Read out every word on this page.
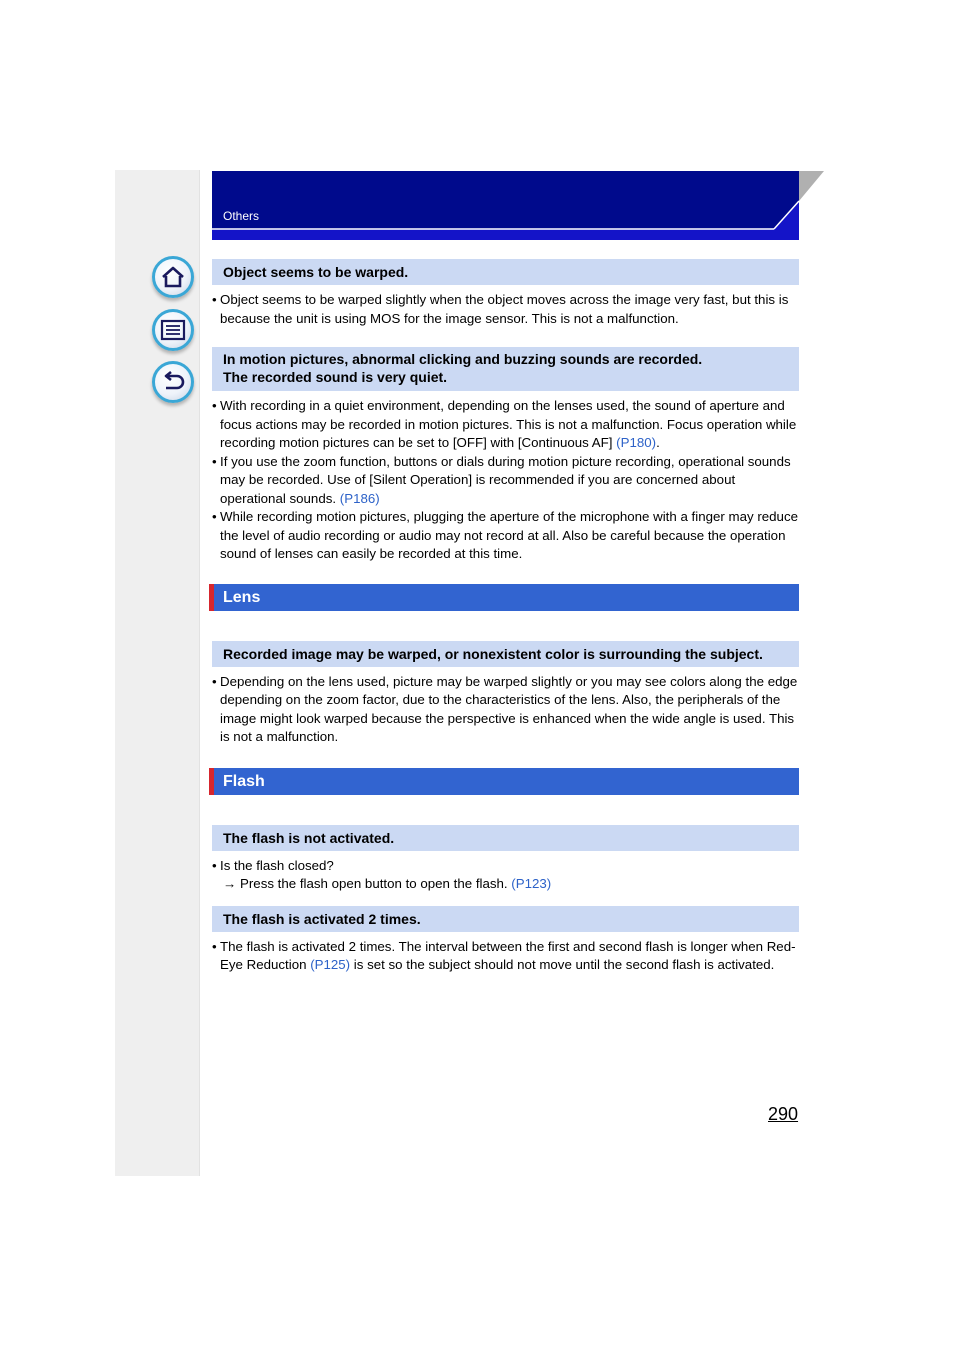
Others
Object seems to be warped.
• Object seems to be warped slightly when the object moves across the image very fast, but this is because the unit is using MOS for the image sensor. This is not a malfunction.
In motion pictures, abnormal clicking and buzzing sounds are recorded.
The recorded sound is very quiet.
• With recording in a quiet environment, depending on the lenses used, the sound of aperture and focus actions may be recorded in motion pictures. This is not a malfunction. Focus operation while recording motion pictures can be set to [OFF] with [Continuous AF] (P180).
• If you use the zoom function, buttons or dials during motion picture recording, operational sounds may be recorded. Use of [Silent Operation] is recommended if you are concerned about operational sounds. (P186)
• While recording motion pictures, plugging the aperture of the microphone with a finger may reduce the level of audio recording or audio may not record at all. Also be careful because the operation sound of lenses can easily be recorded at this time.
Lens
Recorded image may be warped, or nonexistent color is surrounding the subject.
• Depending on the lens used, picture may be warped slightly or you may see colors along the edge depending on the zoom factor, due to the characteristics of the lens. Also, the peripherals of the image might look warped because the perspective is enhanced when the wide angle is used. This is not a malfunction.
Flash
The flash is not activated.
• Is the flash closed?
→ Press the flash open button to open the flash. (P123)
The flash is activated 2 times.
• The flash is activated 2 times. The interval between the first and second flash is longer when Red-Eye Reduction (P125) is set so the subject should not move until the second flash is activated.
290
